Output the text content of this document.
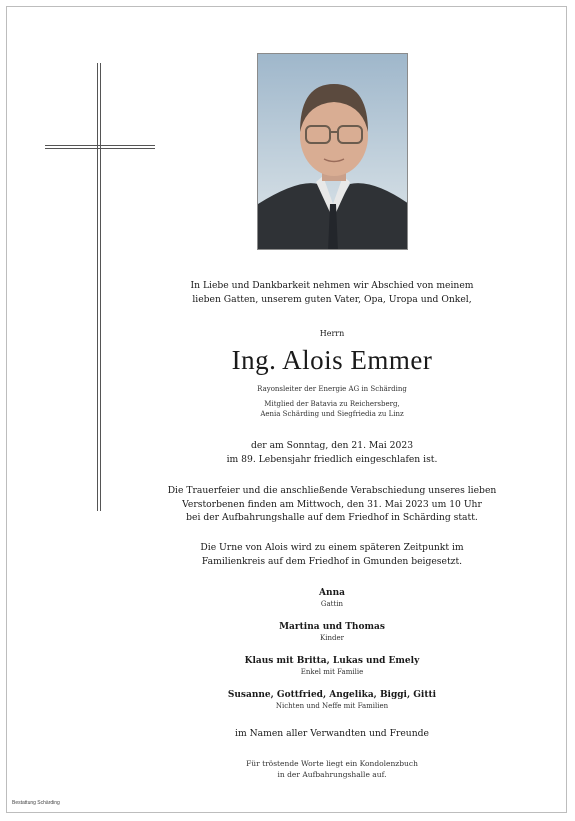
In Liebe und Dankbarkeit nehmen wir Abschied von meinem
lieben Gatten, unserem guten Vater, Opa, Uropa und Onkel,
Herrn
Ing. Alois Emmer
Rayonsleiter der Energie AG in Schärding
Mitglied der Batavia zu Reichersberg,
Aenia Schärding und Siegfriedia zu Linz
der am Sonntag, den 21. Mai 2023
im 89. Lebensjahr friedlich eingeschlafen ist.
Die Trauerfeier und die anschließende Verabschiedung unseres lieben
Verstorbenen finden am Mittwoch, den 31. Mai 2023 um 10 Uhr
bei der Aufbahrungshalle auf dem Friedhof in Schärding statt.
Die Urne von Alois wird zu einem späteren Zeitpunkt im
Familienkreis auf dem Friedhof in Gmunden beigesetzt.
Anna
Gattin
Martina und Thomas
Kinder
Klaus mit Britta, Lukas und Emely
Enkel mit Familie
Susanne, Gottfried, Angelika, Biggi, Gitti
Nichten und Neffe mit Familien
im Namen aller Verwandten und Freunde
Für tröstende Worte liegt ein Kondolenzbuch
in der Aufbahrungshalle auf.
Bestattung Schärding
